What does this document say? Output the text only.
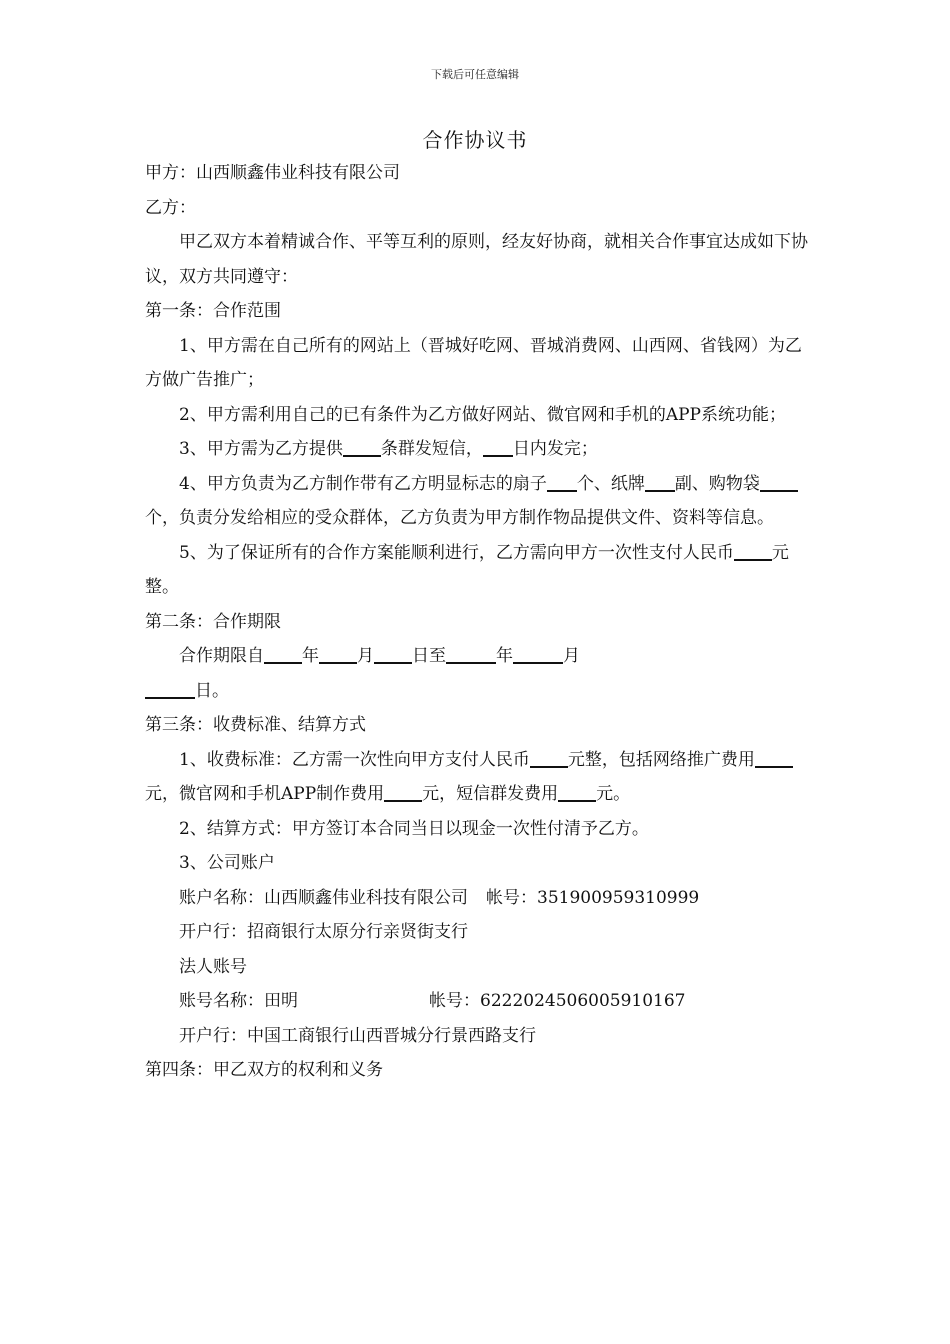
下载后可任意编辑
合作协议书

甲方：山西顺鑫伟业科技有限公司

乙方：

甲乙双方本着精诚合作、平等互利的原则，经友好协商，就相关合作事宜达成如下协议，双方共同遵守：

第一条：合作范围

1、甲方需在自己所有的网站上（晋城好吃网、晋城消费网、山西网、省钱网）为乙方做广告推广；

2、甲方需利用自己的已有条件为乙方做好网站、微官网和手机的APP系统功能；

3、甲方需为乙方提供 条群发短信， 日内发完；

4、甲方负责为乙方制作带有乙方明显标志的扇子 个、纸牌 副、购物袋个，负责分发给相应的受众群体，乙方负责为甲方制作物品提供文件、资料等信息。

5、为了保证所有的合作方案能顺利进行，乙方需向甲方一次性支付人民币 元整。

第二条：合作期限

合作期限自 年 月 日至	年	月

日。

第三条：收费标准、结算方式

1、收费标准：乙方需一次性向甲方支付人民币 元整，包括网络推广费用元，微官网和手机APP制作费用 元，短信群发费用 元。

2、结算方式：甲方签订本合同当日以现金一次性付清予乙方。

3、公司账户

账户名称：山西顺鑫伟业科技有限公司 帐号：351900959310999

开户行：招商银行太原分行亲贤街支行

法人账号

账号名称：田明	帐号：6222024506005910167

开户行：中国工商银行山西晋城分行景西路支行

第四条：甲乙双方的权利和义务
